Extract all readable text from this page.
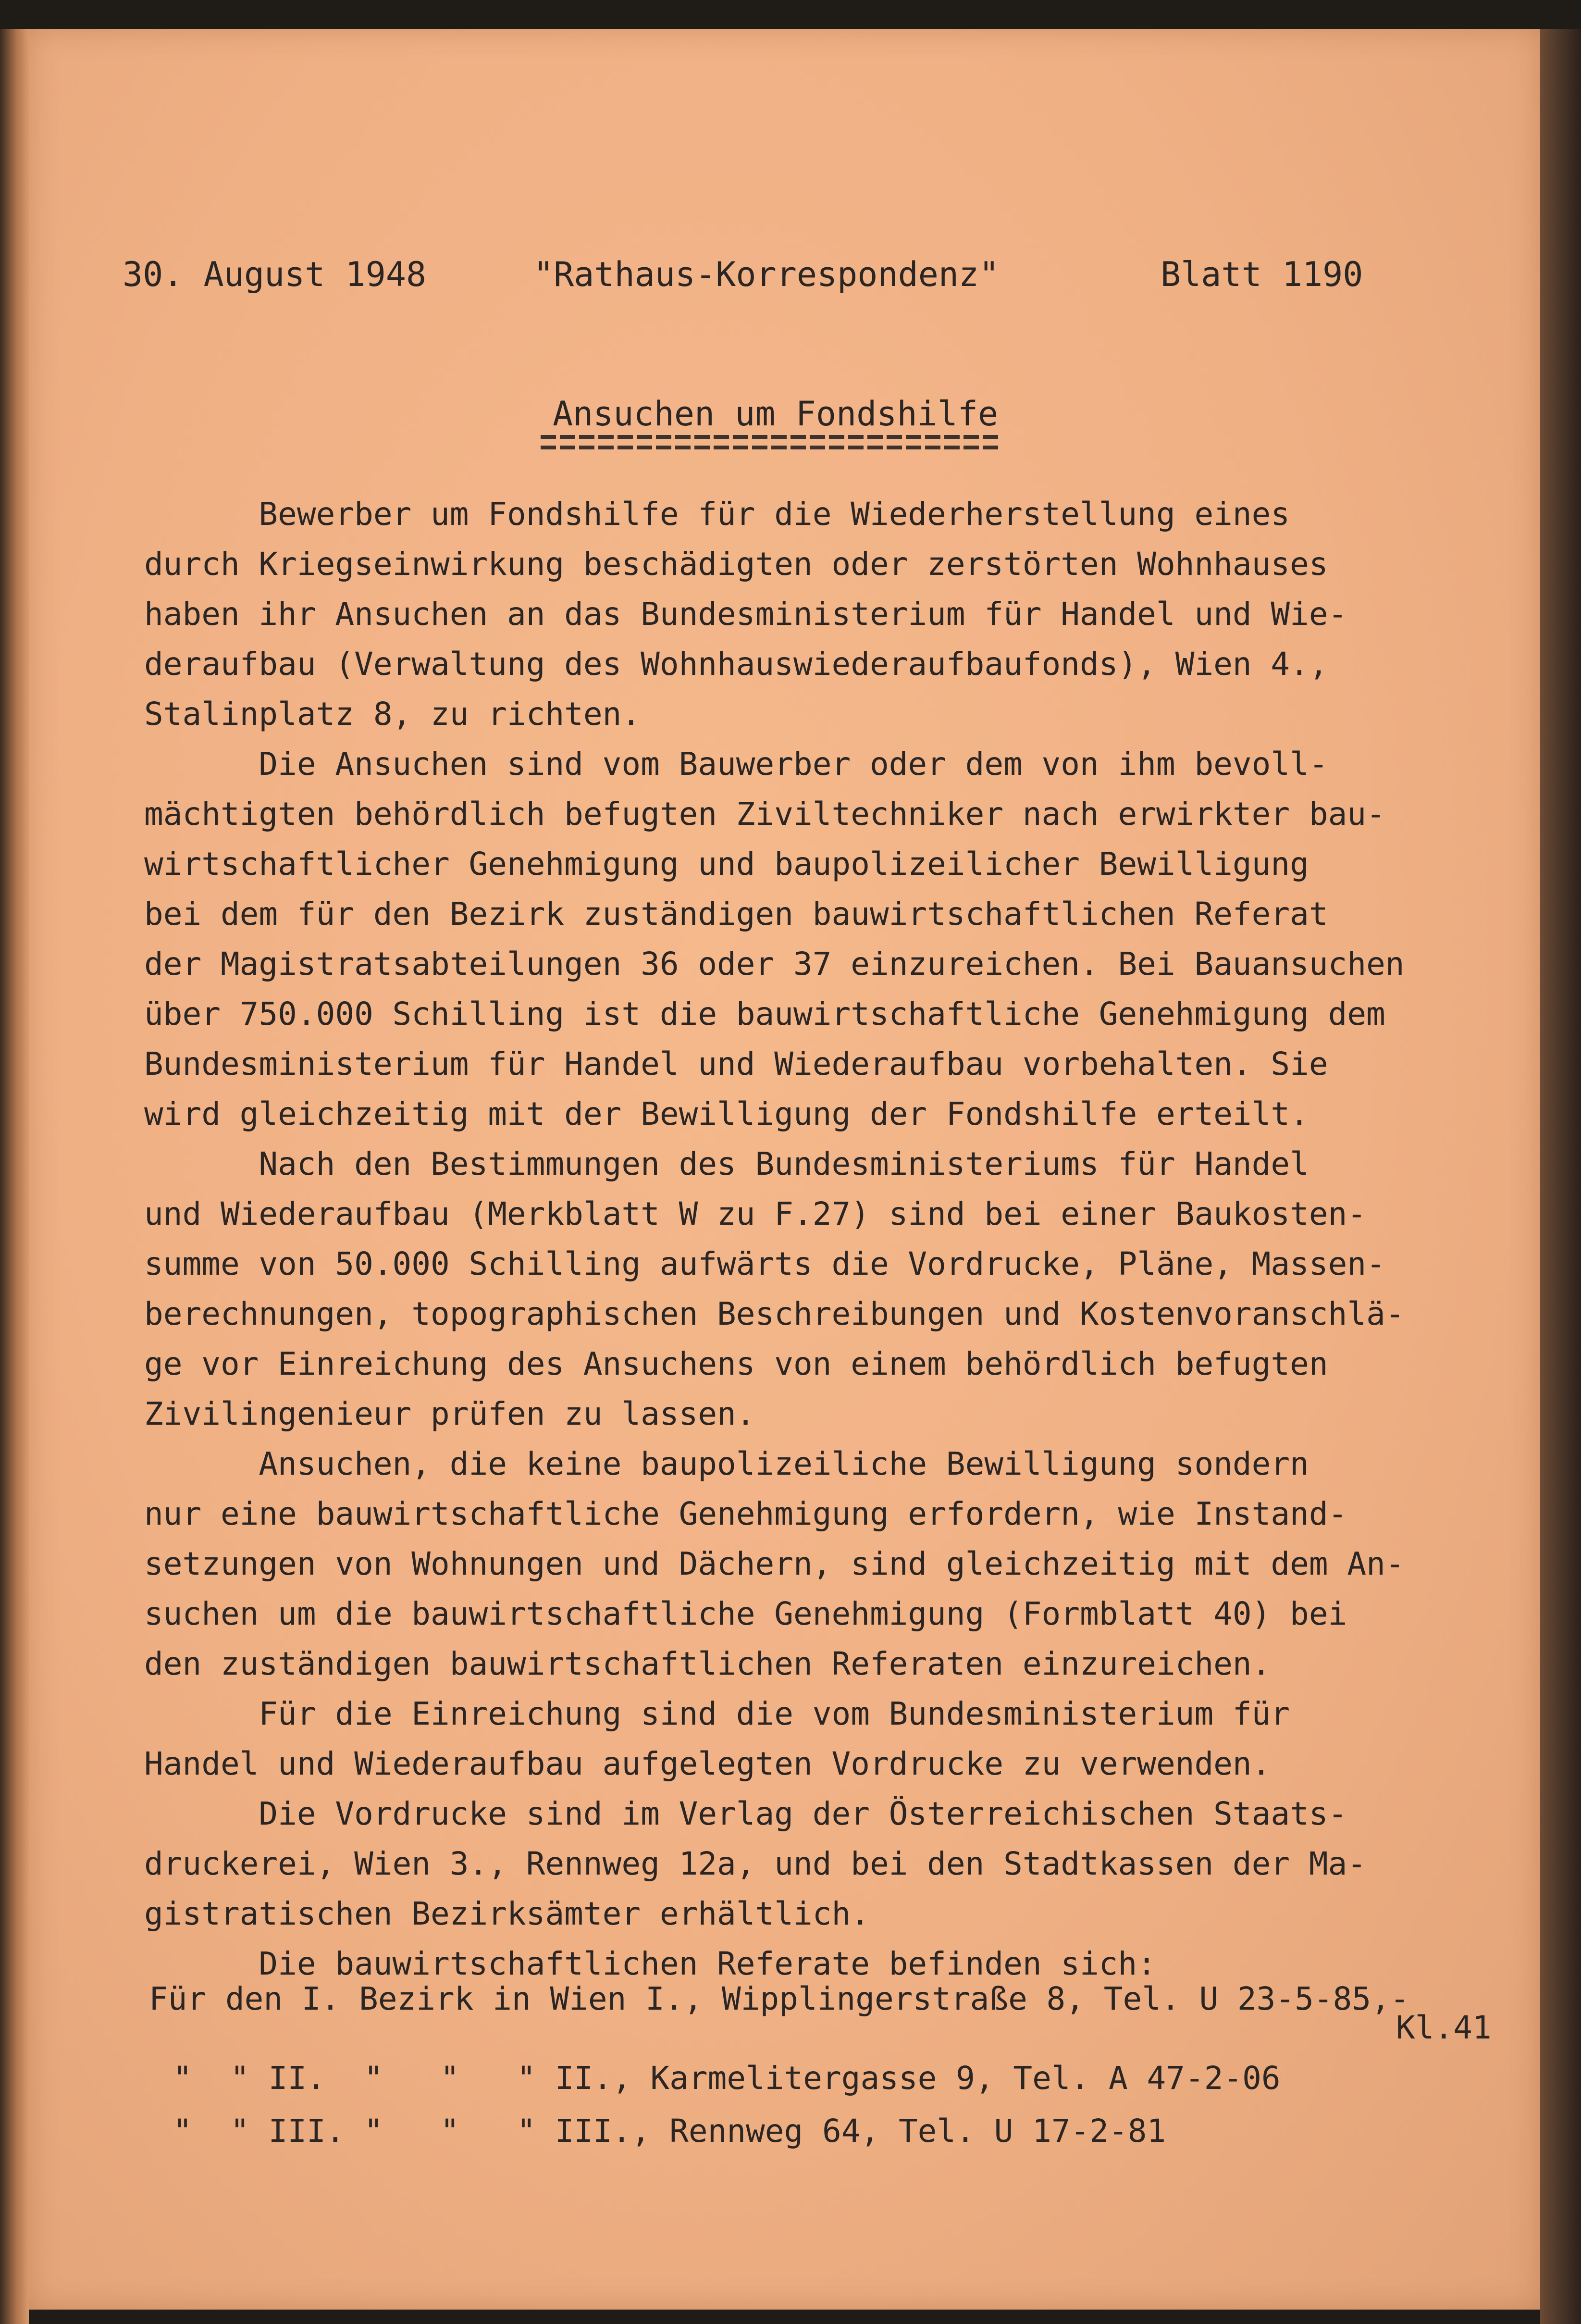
30. August 1948	"Rathaus-Korrespondenz"	Blatt 1190
Ansuchen um Fondshilfe

Bewerber um Fondshilfe für die Wiederherstellung eines

durch Kriegseinwirkung beschädigten oder zerstörten Wohnhauses

haben ihr Ansuchen an das Bundesministerium für Handel und Wie-

deraufbau (Verwaltung des Wohnhauswiederaufbaufonds), Wien 4.,

Stalinplatz 8, zu richten.

Die Ansuchen sind vom Bauwerber oder dem von ihm bevoll-

mächtigten behördlich befugten Ziviltechniker nach erwirkter bau-

wirtschaftlicher Genehmigung und baupolizeilicher Bewilligung

bei dem für den Bezirk zuständigen bauwirtschaftlichen Referat

der Magistratsabteilungen 36 oder 37 einzureichen. Bei Bauansuchen

über 750.000 Schilling ist die bauwirtschaftliche Genehmigung dem

Bundesministerium für Handel und Wiederaufbau vorbehalten. Sie

wird gleichzeitig mit der Bewilligung der Fondshilfe erteilt.

Nach den Bestimmungen des Bundesministeriums für Handel

und Wiederaufbau (Merkblatt W zu F.27) sind bei einer Baukosten-

summe von 50.000 Schilling aufwärts die Vordrucke, Pläne, Massen-

berechnungen, topographischen Beschreibungen und Kostenvoranschlä-

ge vor Einreichung des Ansuchens von einem behördlich befugten

Zivilingenieur prüfen zu lassen.

Ansuchen, die keine baupolizeiliche Bewilligung sondern

nur eine bauwirtschaftliche Genehmigung erfordern, wie Instand-

setzungen von Wohnungen und Dächern, sind gleichzeitig mit dem An-

suchen um die bauwirtschaftliche Genehmigung (Formblatt 40) bei

den zuständigen bauwirtschaftlichen Referaten einzureichen.

Für die Einreichung sind die vom Bundesministerium für

Handel und Wiederaufbau aufgelegten Vordrucke zu verwenden.

Die Vordrucke sind im Verlag der Österreichischen Staats-

druckerei, Wien 3., Rennweg 12a, und bei den Stadtkassen der Ma-

gistratischen Bezirksämter erhältlich.

Die bauwirtschaftlichen Referate befinden sich:

Für den I. Bezirk in Wien I., Wipplingerstraße 8, Tel. U 23-5-85,-
Kl.41
"  " II.  "   "   " II., Karmelitergasse 9, Tel. A 47-2-06
"  " III. "   "   " III., Rennweg 64, Tel. U 17-2-81
